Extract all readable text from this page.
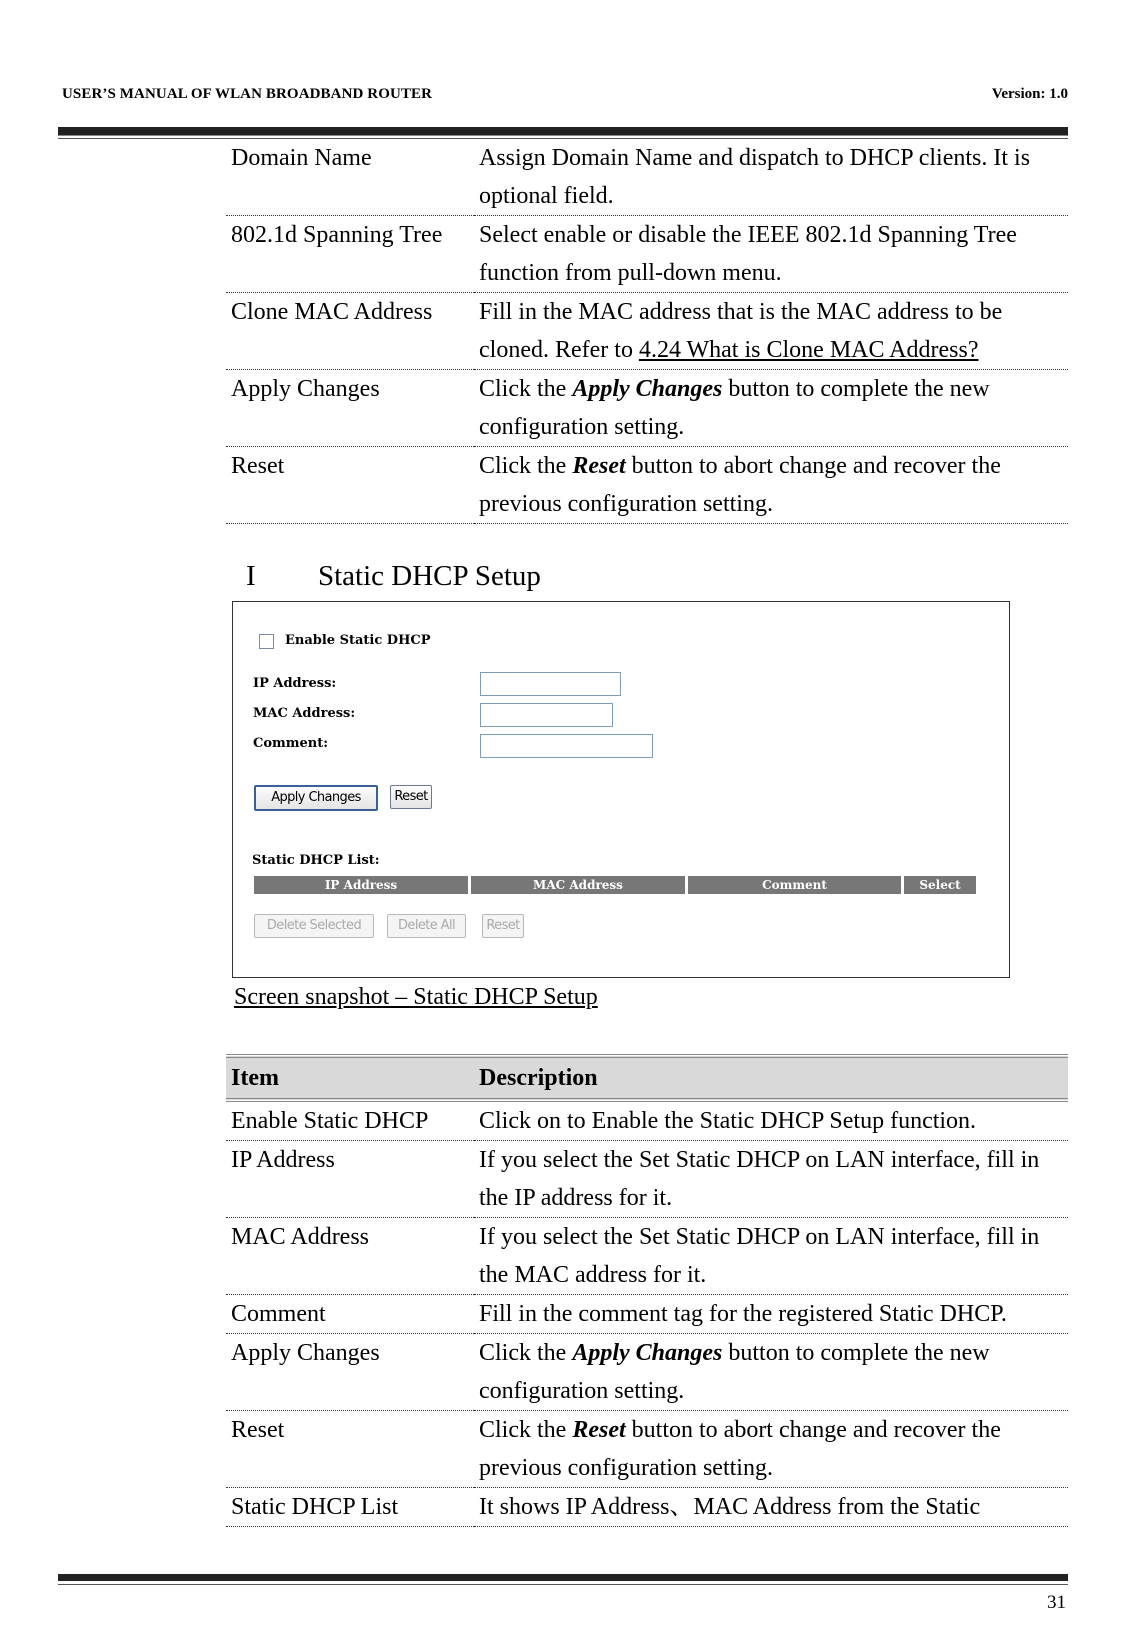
USER’S MANUAL OF WLAN BROADBAND ROUTER	Version: 1.0
Domain Name	Assign Domain Name and dispatch to DHCP clients. It is optional field.
802.1d Spanning Tree	Select enable or disable the IEEE 802.1d Spanning Tree function from pull-down menu.
Clone MAC Address	Fill in the MAC address that is the MAC address to be cloned. Refer to 4.24 What is Clone MAC Address?
Apply Changes	Click the Apply Changes button to complete the new configuration setting.
Reset	Click the Reset button to abort change and recover the previous configuration setting.
I Static DHCP Setup
Enable Static DHCP
IP Address:
MAC Address:
Comment:
Apply Changes	Reset
Static DHCP List:
IP Address	MAC Address	Comment	Select
Delete Selected	Delete All	Reset
Screen snapshot – Static DHCP Setup
Item	Description
Enable Static DHCP	Click on to Enable the Static DHCP Setup function.
IP Address	If you select the Set Static DHCP on LAN interface, fill in the IP address for it.
MAC Address	If you select the Set Static DHCP on LAN interface, fill in the MAC address for it.
Comment	Fill in the comment tag for the registered Static DHCP.
Apply Changes	Click the Apply Changes button to complete the new configuration setting.
Reset	Click the Reset button to abort change and recover the previous configuration setting.
Static DHCP List	It shows IP Address、MAC Address from the Static
31
